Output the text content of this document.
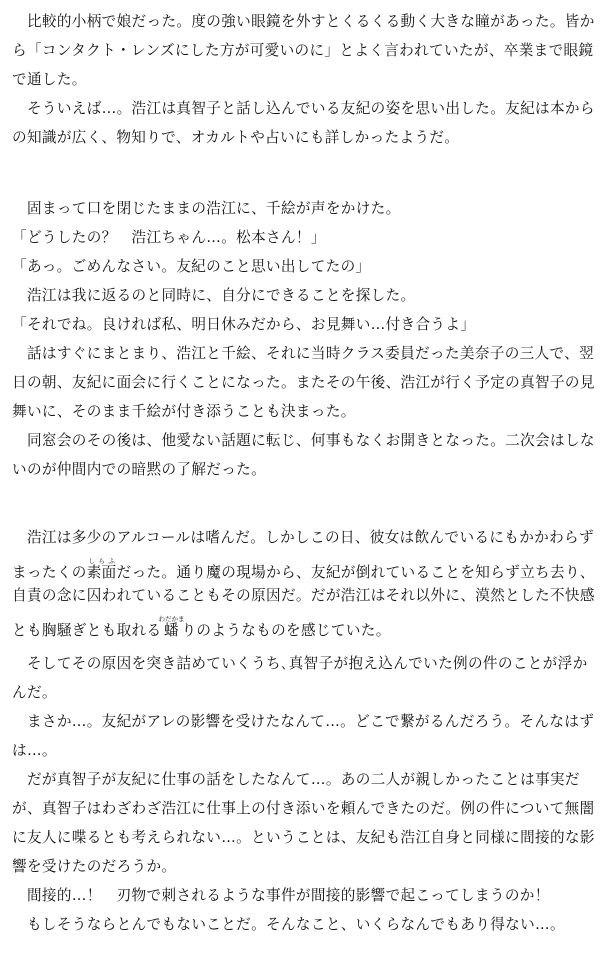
　比較的小柄で娘だった。度の強い眼鏡を外すとくるくる動く大きな瞳があった。皆か
ら「コンタクト・レンズにした方が可愛いのに」とよく言われていたが、卒業まで眼鏡
で通した。
　そういえば…。浩江は真智子と話し込んでいる友紀の姿を思い出した。友紀は本から
の知識が広く、物知りで、オカルトや占いにも詳しかったようだ。
　固まって口を閉じたままの浩江に、千絵が声をかけた。
「どうしたの？　浩江ちゃん…。松本さん！」
「あっ。ごめんなさい。友紀のこと思い出してたの」
　浩江は我に返るのと同時に、自分にできることを探した。
「それでね。良ければ私、明日休みだから、お見舞い…付き合うよ」
　話はすぐにまとまり、浩江と千絵、それに当時クラス委員だった美奈子の三人で、翌
日の朝、友紀に面会に行くことになった。またその午後、浩江が行く予定の真智子の見
舞いに、そのまま千絵が付き添うことも決まった。
　同窓会のその後は、他愛ない話題に転じ、何事もなくお開きとなった。二次会はしな
いのが仲間内での暗黙の了解だった。
　浩江は多少のアルコールは嗜んだ。しかしこの日、彼女は飲んでいるにもかかわらず
まったくの素面しらふだった。通り魔の現場から、友紀が倒れていることを知らず立ち去り、
自責の念に囚われていることもその原因だ。だが浩江はそれ以外に、漠然とした不快感
とも胸騒ぎとも取れる蟠わだかまりのようなものを感じていた。
　そしてその原因を突き詰めていくうち､真智子が抱え込んでいた例の件のことが浮か
んだ。
　まさか…。友紀がアレの影響を受けたなんて…。どこで繋がるんだろう。そんなはず
は…。
　だが真智子が友紀に仕事の話をしたなんて…。あの二人が親しかったことは事実だ
が、真智子はわざわざ浩江に仕事上の付き添いを頼んできたのだ。例の件について無闇
に友人に喋るとも考えられない…。ということは、友紀も浩江自身と同様に間接的な影
響を受けたのだろうか。
　間接的…！　刃物で刺されるような事件が間接的影響で起こってしまうのか！
　もしそうならとんでもないことだ。そんなこと、いくらなんでもあり得ない…。
